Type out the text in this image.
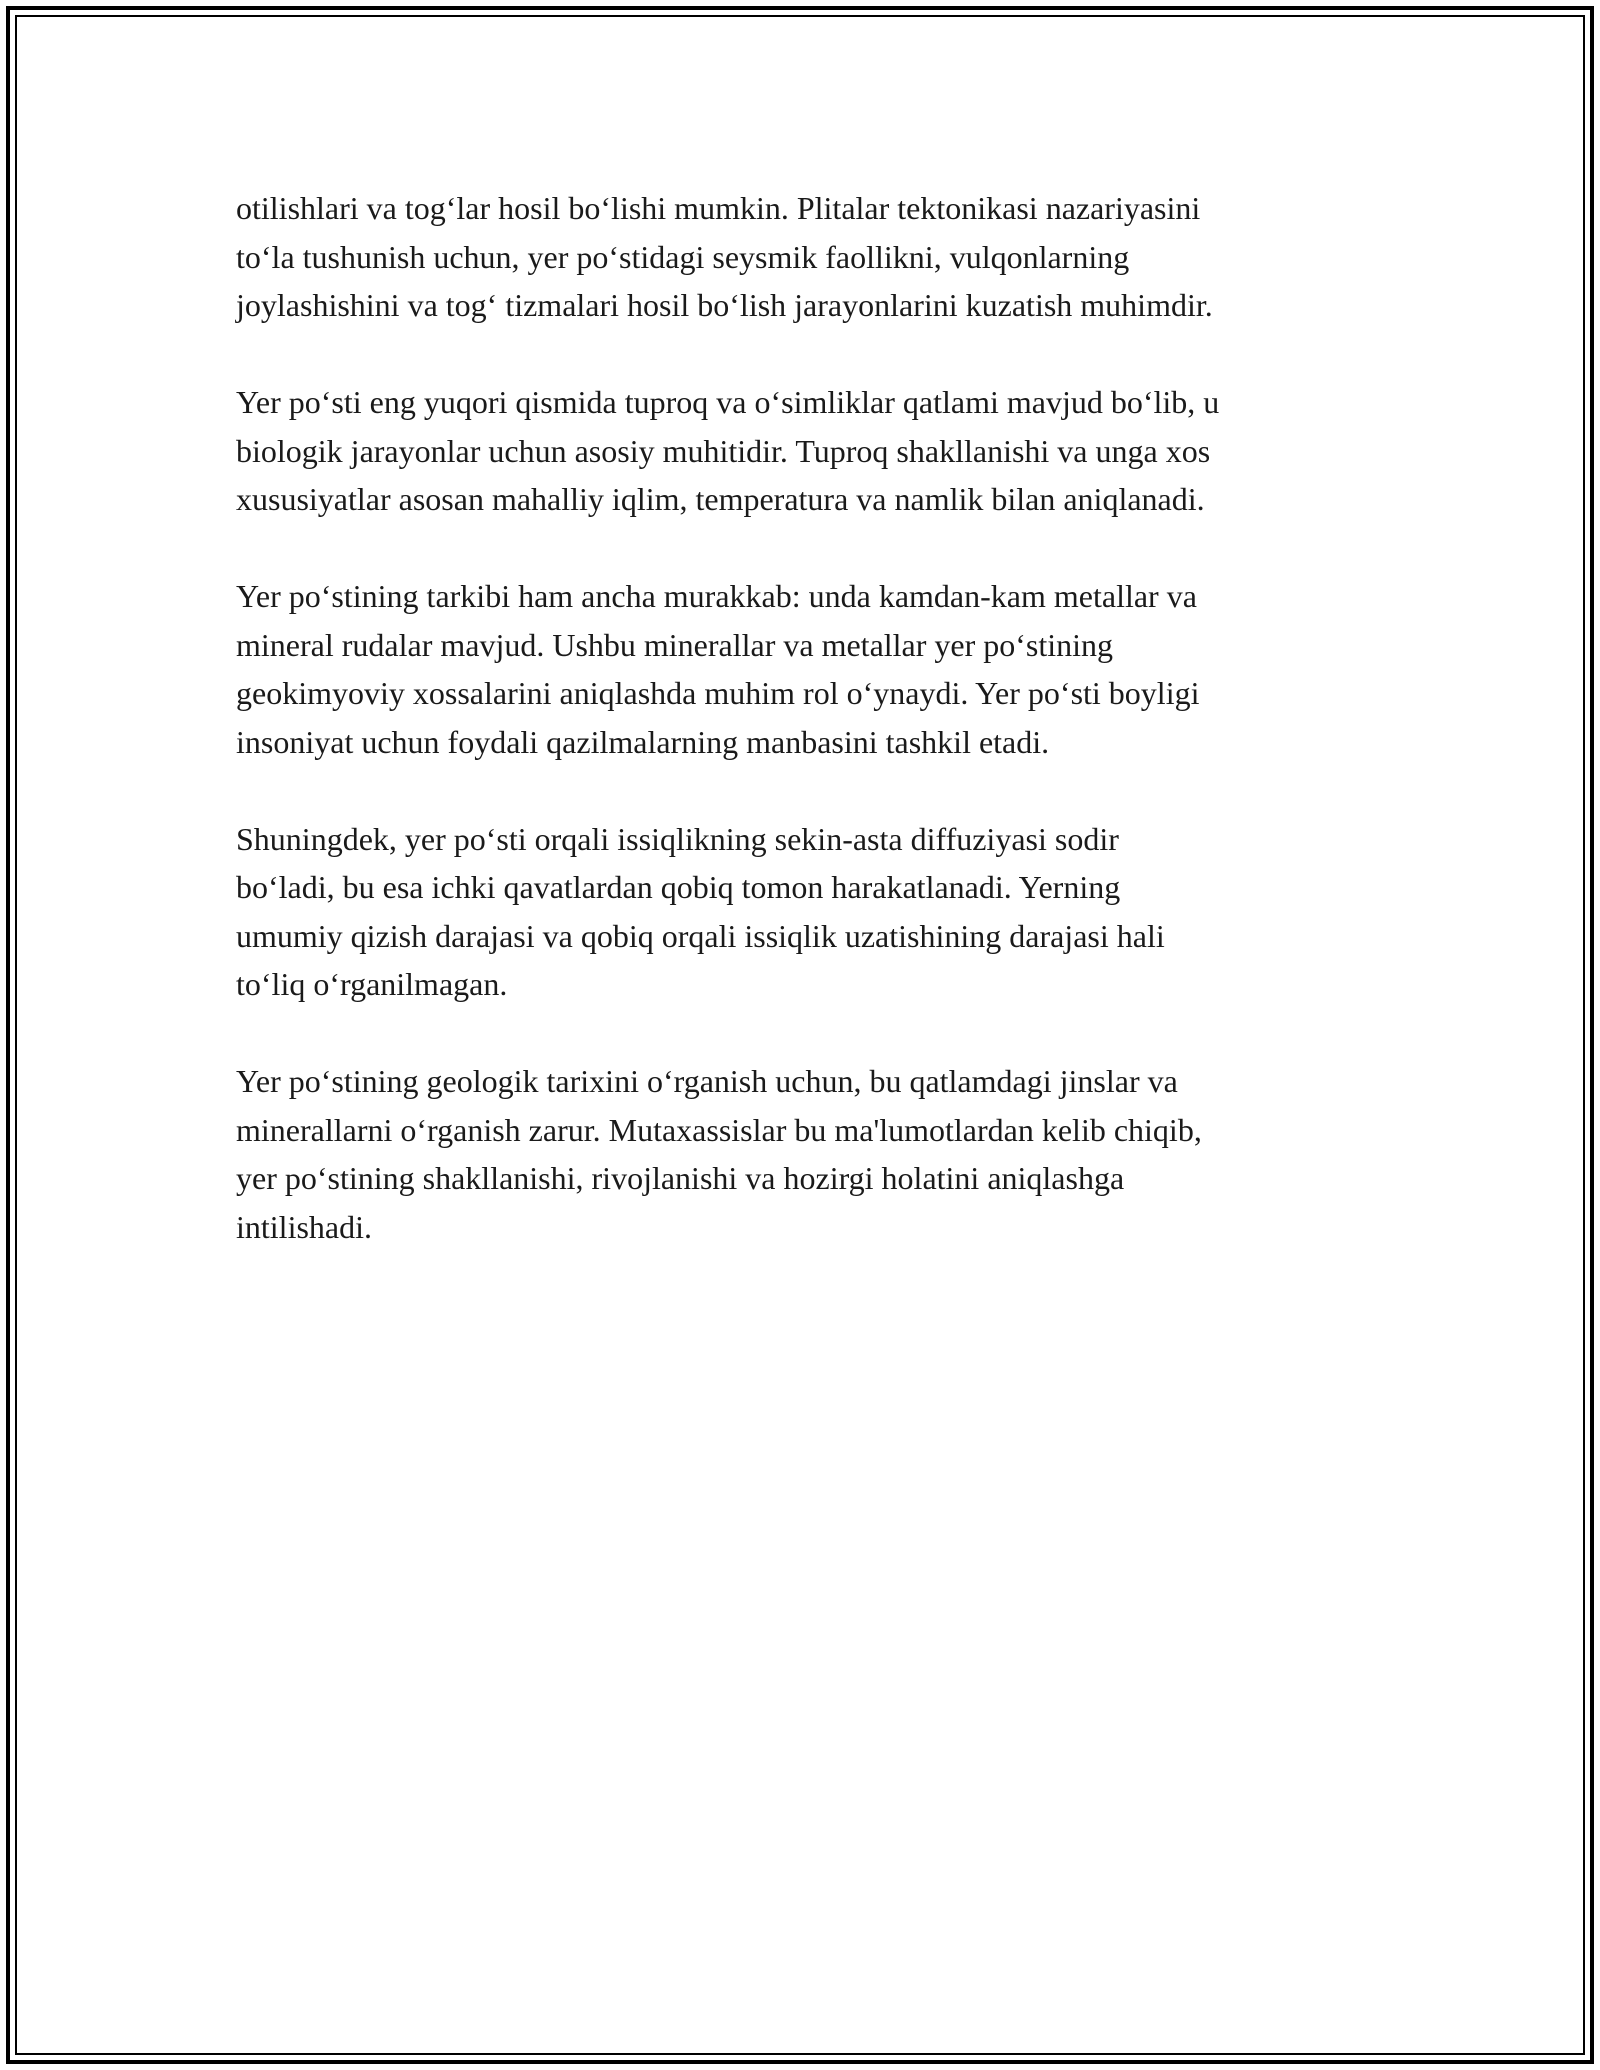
otilishlari va tog‘lar hosil bo‘lishi mumkin. Plitalar tektonikasi nazariyasini
to‘la tushunish uchun, yer po‘stidagi seysmik faollikni, vulqonlarning
joylashishini va tog‘ tizmalari hosil bo‘lish jarayonlarini kuzatish muhimdir.

Yer po‘sti eng yuqori qismida tuproq va o‘simliklar qatlami mavjud bo‘lib, u
biologik jarayonlar uchun asosiy muhitidir. Tuproq shakllanishi va unga xos
xususiyatlar asosan mahalliy iqlim, temperatura va namlik bilan aniqlanadi.

Yer po‘stining tarkibi ham ancha murakkab: unda kamdan-kam metallar va
mineral rudalar mavjud. Ushbu minerallar va metallar yer po‘stining
geokimyoviy xossalarini aniqlashda muhim rol o‘ynaydi. Yer po‘sti boyligi
insoniyat uchun foydali qazilmalarning manbasini tashkil etadi.

Shuningdek, yer po‘sti orqali issiqlikning sekin-asta diffuziyasi sodir
bo‘ladi, bu esa ichki qavatlardan qobiq tomon harakatlanadi. Yerning
umumiy qizish darajasi va qobiq orqali issiqlik uzatishining darajasi hali
to‘liq o‘rganilmagan.

Yer po‘stining geologik tarixini o‘rganish uchun, bu qatlamdagi jinslar va
minerallarni o‘rganish zarur. Mutaxassislar bu ma'lumotlardan kelib chiqib,
yer po‘stining shakllanishi, rivojlanishi va hozirgi holatini aniqlashga
intilishadi.
